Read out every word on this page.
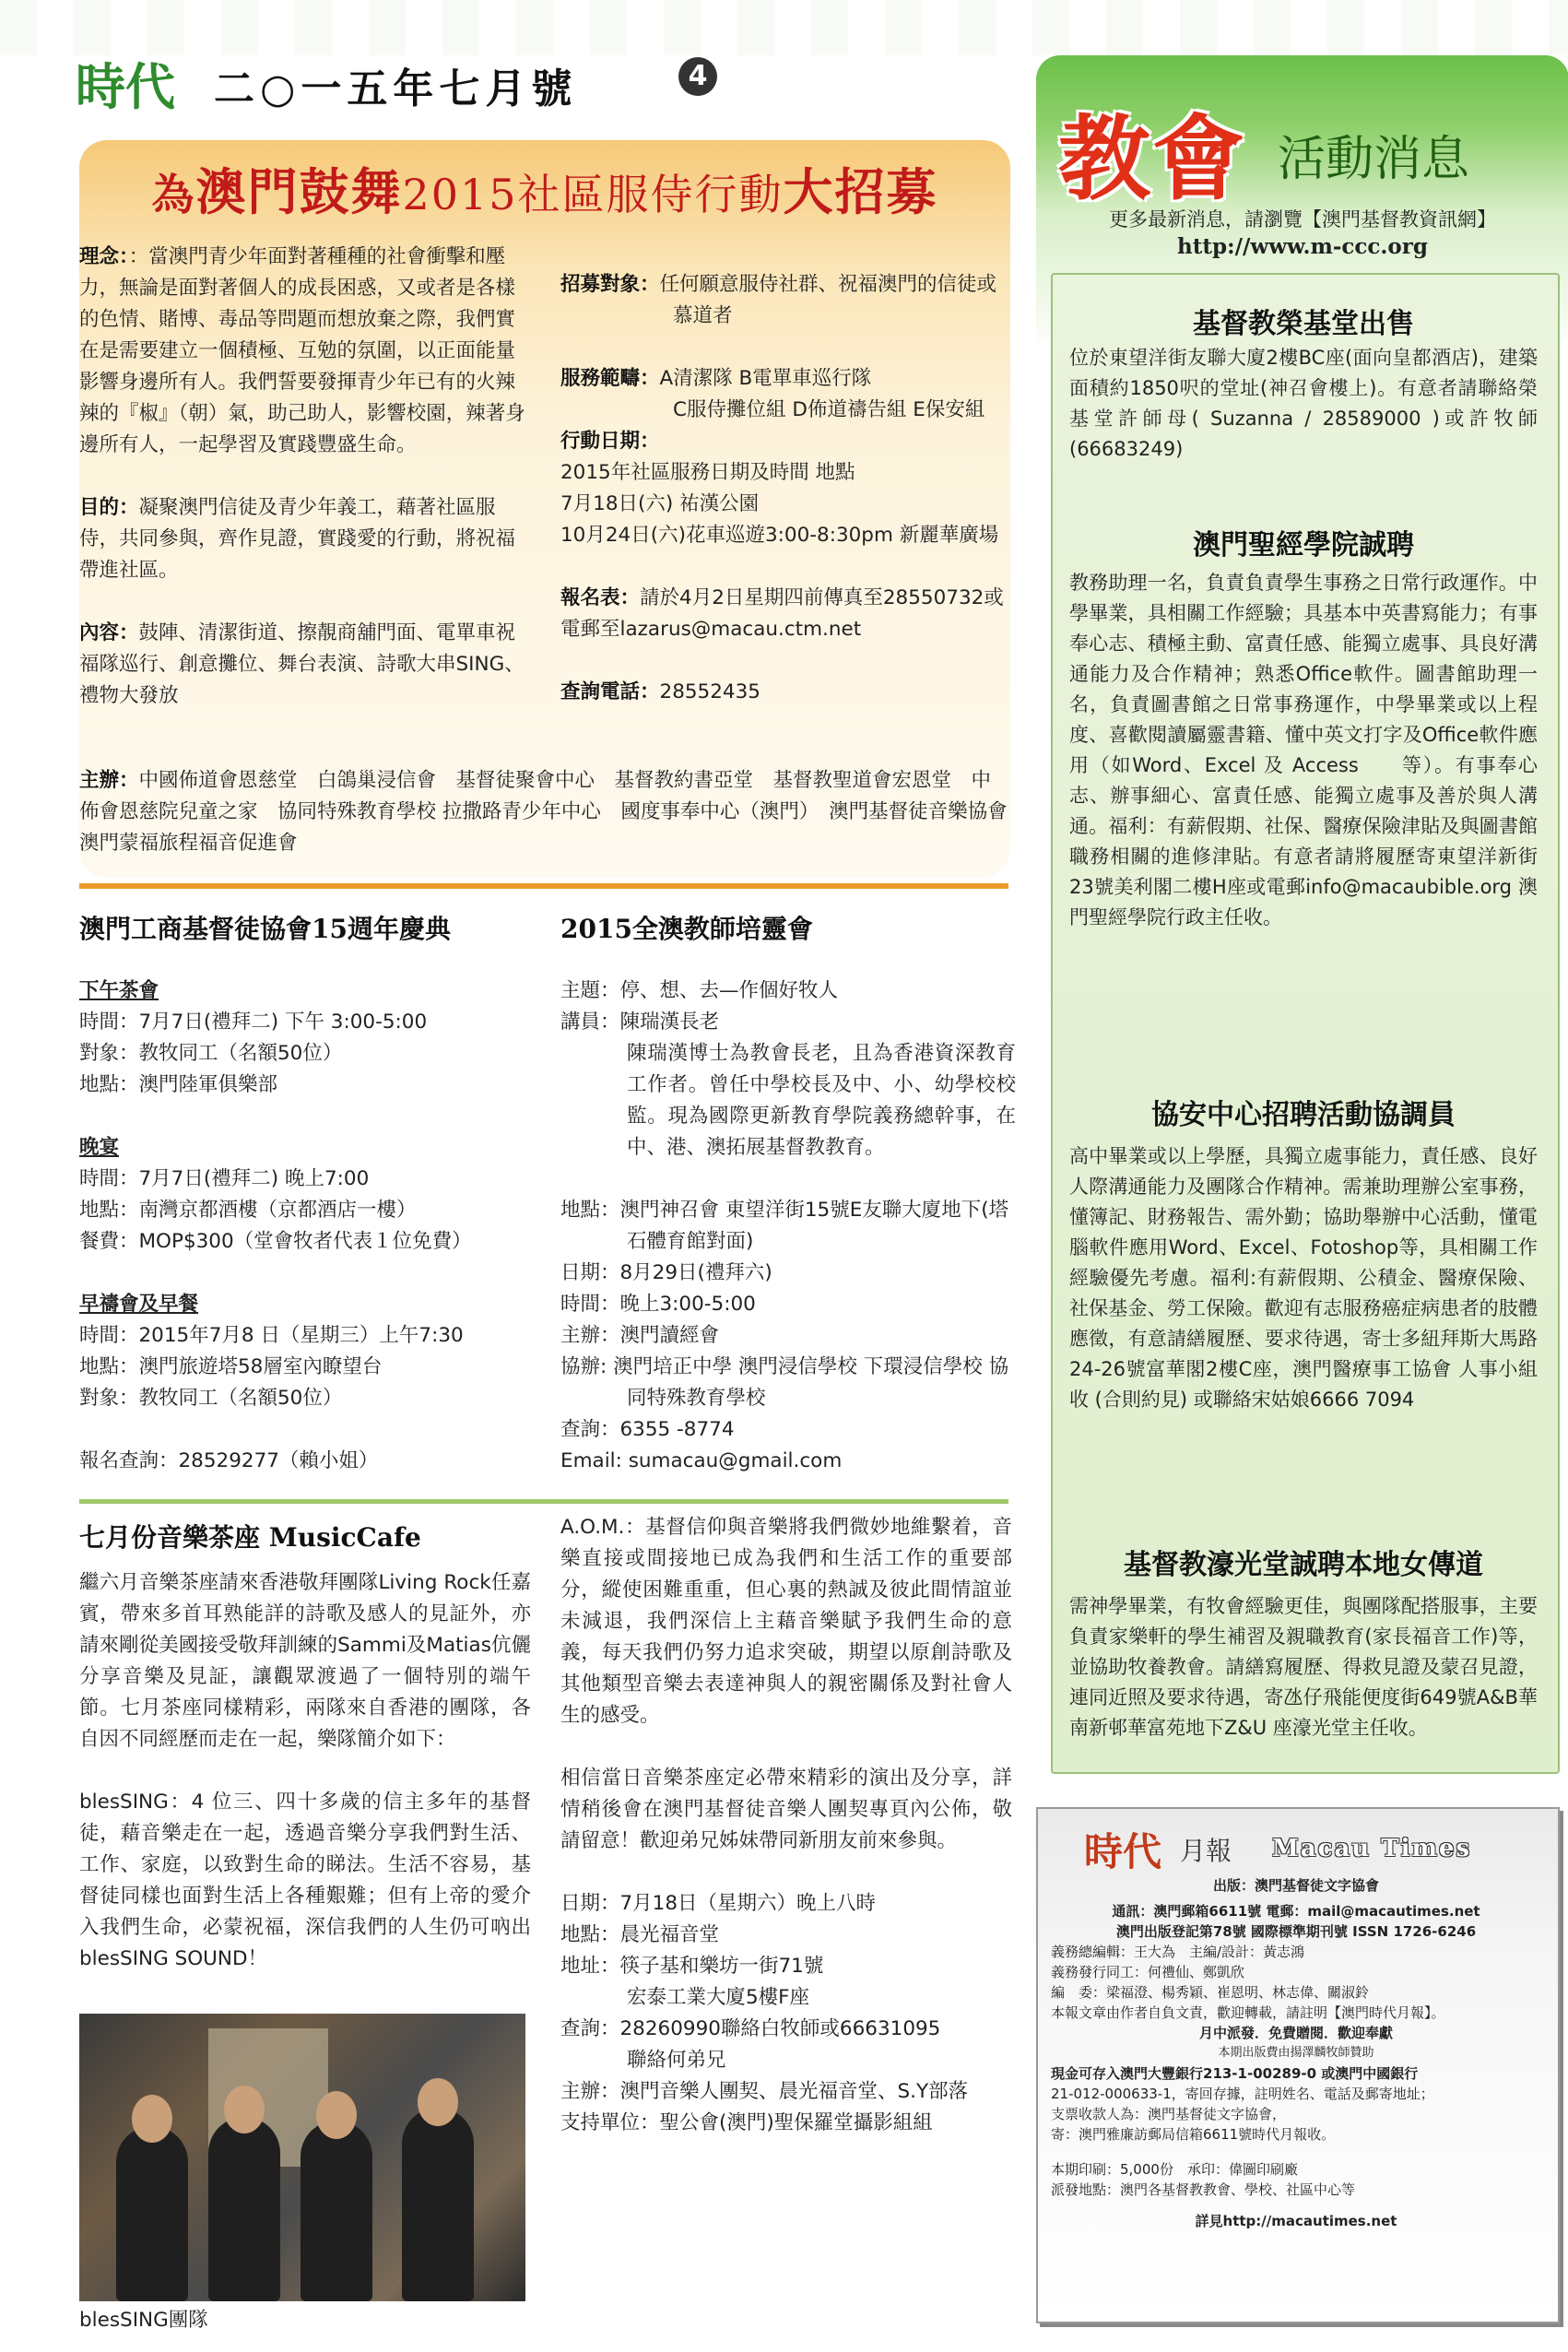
時代 二○一五年七月號	4
為澳門鼓舞2015社區服侍行動大招募
理念：：當澳門青少年面對著種種的社會衝擊和壓力，無論是面對著個人的成長困惑，又或者是各樣的色情、賭博、毒品等問題而想放棄之際，我們實在是需要建立一個積極、互勉的氛圍，以正面能量影響身邊所有人。我們誓要發揮青少年已有的火辣辣的『椒』（朝）氣，助己助人，影響校園，辣著身邊所有人，一起學習及實踐豐盛生命。
目的：凝聚澳門信徒及青少年義工，藉著社區服侍，共同參與，齊作見證，實踐愛的行動，將祝福帶進社區。
內容：鼓陣、清潔街道、擦靚商舖門面、電單車祝福隊巡行、創意攤位、舞台表演、詩歌大串SING、禮物大發放
招募對象：任何願意服侍社群、祝福澳門的信徒或慕道者
服務範疇：A清潔隊 B電單車巡行隊
C服侍攤位組 D佈道禱告組 E保安組
行動日期：
2015年社區服務日期及時間 地點
7月18日(六) 祐漢公園
10月24日(六)花車巡遊3:00-8:30pm 新麗華廣場
報名表：請於4月2日星期四前傳真至28550732或電郵至lazarus@macau.ctm.net
查詢電話：28552435
主辦：中國佈道會恩慈堂　白鴿巢浸信會　基督徒聚會中心　基督教約書亞堂　基督教聖道會宏恩堂　中佈會恩慈院兒童之家　協同特殊教育學校 拉撒路青少年中心　國度事奉中心（澳門）　澳門基督徒音樂協會　澳門蒙福旅程福音促進會
澳門工商基督徒協會15週年慶典
下午茶會
時間：7月7日(禮拜二) 下午 3:00-5:00
對象：教牧同工（名額50位）
地點：澳門陸軍俱樂部
晚宴
時間：7月7日(禮拜二) 晚上7:00
地點：南灣京都酒樓（京都酒店一樓）
餐費：MOP$300（堂會牧者代表１位免費）
早禱會及早餐
時間：2015年7月8 日（星期三）上午7:30
地點：澳門旅遊塔58層室內瞭望台
對象：教牧同工（名額50位）
報名查詢：28529277（賴小姐）
2015全澳教師培靈會
主題：停、想、去—作個好牧人
講員：陳瑞漢長老
陳瑞漢博士為教會長老，且為香港資深教育工作者。曾任中學校長及中、小、幼學校校監。現為國際更新教育學院義務總幹事，在中、港、澳拓展基督教教育。
地點：澳門神召會 東望洋街15號E友聯大廈地下(塔石體育館對面)
日期：8月29日(禮拜六)
時間：晚上3:00-5:00
主辦：澳門讀經會
協辦: 澳門培正中學 澳門浸信學校 下環浸信學校 協同特殊教育學校
查詢：6355 -8774
Email: sumacau@gmail.com
七月份音樂茶座 MusicCafe
繼六月音樂茶座請來香港敬拜團隊Living Rock任嘉賓，帶來多首耳熟能詳的詩歌及感人的見証外，亦請來剛從美國接受敬拜訓練的Sammi及Matias伉儷分享音樂及見証，讓觀眾渡過了一個特別的端午節。七月茶座同樣精彩，兩隊來自香港的團隊，各自因不同經歷而走在一起，樂隊簡介如下：
blesSING：4 位三、四十多歲的信主多年的基督徒，藉音樂走在一起，透過音樂分享我們對生活、工作、家庭，以致對生命的睇法。生活不容易，基督徒同樣也面對生活上各種艱難；但有上帝的愛介入我們生命，必蒙祝福，深信我們的人生仍可吶出blesSING SOUND！
blesSING團隊
A.O.M.：基督信仰與音樂將我們微妙地維繫着，音樂直接或間接地已成為我們和生活工作的重要部分，縱使困難重重，但心裏的熱誠及彼此間情誼並未減退，我們深信上主藉音樂賦予我們生命的意義，每天我們仍努力追求突破，期望以原創詩歌及其他類型音樂去表達神與人的親密關係及對社會人生的感受。
相信當日音樂茶座定必帶來精彩的演出及分享，詳情稍後會在澳門基督徒音樂人團契專頁內公佈，敬請留意！歡迎弟兄姊妹帶同新朋友前來參與。
日期：7月18日（星期六）晚上八時
地點：晨光福音堂
地址：筷子基和樂坊一街71號
宏泰工業大廈5樓F座
查詢：28260990聯絡白牧師或66631095
聯絡何弟兄
主辦：澳門音樂人團契、晨光福音堂、S.Y部落
支持單位：聖公會(澳門)聖保羅堂攝影組組
教會 活動消息
更多最新消息，請瀏覽【澳門基督教資訊網】
http://www.m-ccc.org
基督教榮基堂出售
位於東望洋街友聯大廈2樓BC座(面向皇都酒店)，建築面積約1850呎的堂址(神召會樓上)。有意者請聯絡榮基堂許師母( Suzanna / 28589000 )或許牧師(66683249)
澳門聖經學院誠聘
教務助理一名，負責負責學生事務之日常行政運作。中學畢業，具相關工作經驗；具基本中英書寫能力；有事奉心志、積極主動、富責任感、能獨立處事、具良好溝通能力及合作精神；熟悉Office軟件。圖書館助理一名，負責圖書館之日常事務運作，中學畢業或以上程度、喜歡閱讀屬靈書籍、懂中英文打字及Office軟件應用（如Word、Excel 及 Access　　等）。有事奉心志、辦事細心、富責任感、能獨立處事及善於與人溝通。福利：有薪假期、社保、醫療保險津貼及與圖書館職務相關的進修津貼。有意者請將履歷寄東望洋新街23號美利閣二樓H座或電郵info@macaubible.org 澳門聖經學院行政主任收。
協安中心招聘活動協調員
高中畢業或以上學歷，具獨立處事能力，責任感、良好人際溝通能力及團隊合作精神。需兼助理辦公室事務，懂簿記、財務報告、需外勤；協助舉辦中心活動，懂電腦軟件應用Word、Excel、Fotoshop等，具相關工作經驗優先考慮。福利:有薪假期、公積金、醫療保險、社保基金、勞工保險。歡迎有志服務癌症病患者的肢體應徵，有意請繕履歷、要求待遇，寄士多紐拜斯大馬路24-26號富華閣2樓C座，澳門醫療事工協會 人事小組收 (合則約見) 或聯絡宋姑娘6666 7094
基督教濠光堂誠聘本地女傳道
需神學畢業，有牧會經驗更佳，與團隊配搭服事，主要負責家樂軒的學生補習及親職教育(家長福音工作)等，並協助牧養教會。請繕寫履歷、得救見證及蒙召見證，連同近照及要求待遇，寄氹仔飛能便度街649號A&B華南新邨華富苑地下Z&U 座濠光堂主任收。
時代 月報 Macau Times
出版：澳門基督徒文字協會
通訊：澳門郵箱6611號 電郵：mail@macautimes.net
澳門出版登記第78號 國際標準期刊號 ISSN 1726-6246
義務總編輯：王大為　主編/設計：黃志鴻
義務發行同工：何禮仙、鄭凱欣
編　委：梁福澄、楊秀穎、崔恩明、林志偉、關淑鈴
本報文章由作者自負文責，歡迎轉載，請註明【澳門時代月報】。
月中派發．免費贈閱．歡迎奉獻
本期出版費由揚澤麟牧師贊助
現金可存入澳門大豐銀行213-1-00289-0 或澳門中國銀行
21-012-000633-1，寄回存據，註明姓名、電話及郵寄地址；
支票收款人為：澳門基督徒文字協會，
寄：澳門雅廉訪郵局信箱6611號時代月報收。
本期印刷：5,000份　承印：偉圖印刷廠
派發地點：澳門各基督教教會、學校、社區中心等
詳見http://macautimes.net
